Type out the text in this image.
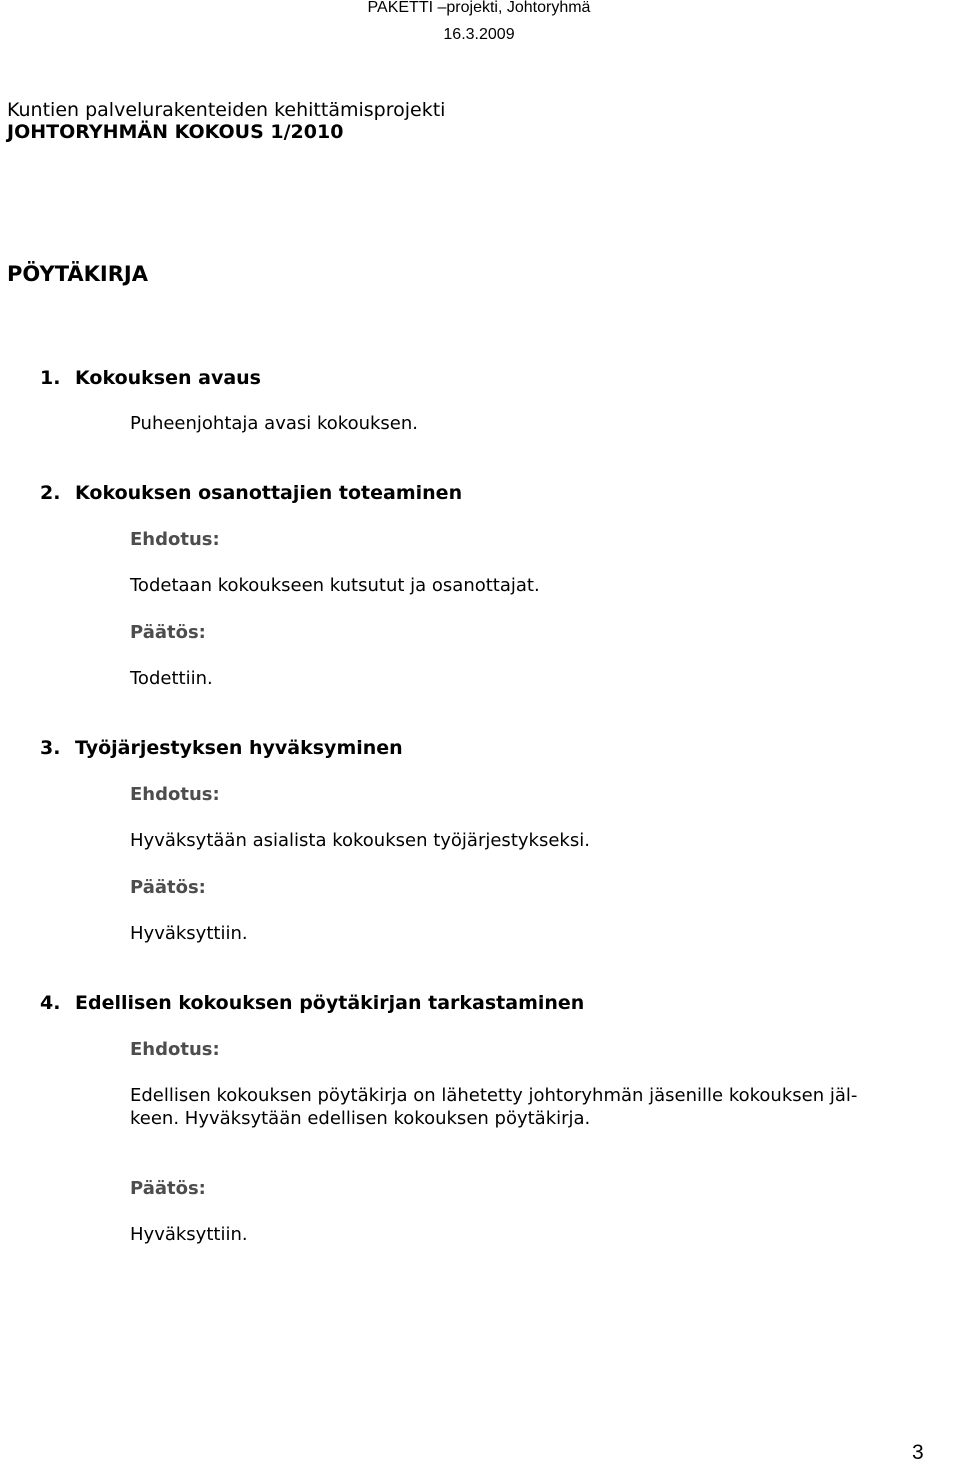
PAKETTI –projekti, Johtoryhmä
16.3.2009
Kuntien palvelurakenteiden kehittämisprojekti
JOHTORYHMÄN KOKOUS 1/2010
PÖYTÄKIRJA
1. Kokouksen avaus
Puheenjohtaja avasi kokouksen.
2. Kokouksen osanottajien toteaminen
Ehdotus:
Todetaan kokoukseen kutsutut ja osanottajat.
Päätös:
Todettiin.
3. Työjärjestyksen hyväksyminen
Ehdotus:
Hyväksytään asialista kokouksen työjärjestykseksi.
Päätös:
Hyväksyttiin.
4. Edellisen kokouksen pöytäkirjan tarkastaminen
Ehdotus:
Edellisen kokouksen pöytäkirja on lähetetty johtoryhmän jäsenille kokouksen jäl-
keen. Hyväksytään edellisen kokouksen pöytäkirja.
Päätös:
Hyväksyttiin.
3
